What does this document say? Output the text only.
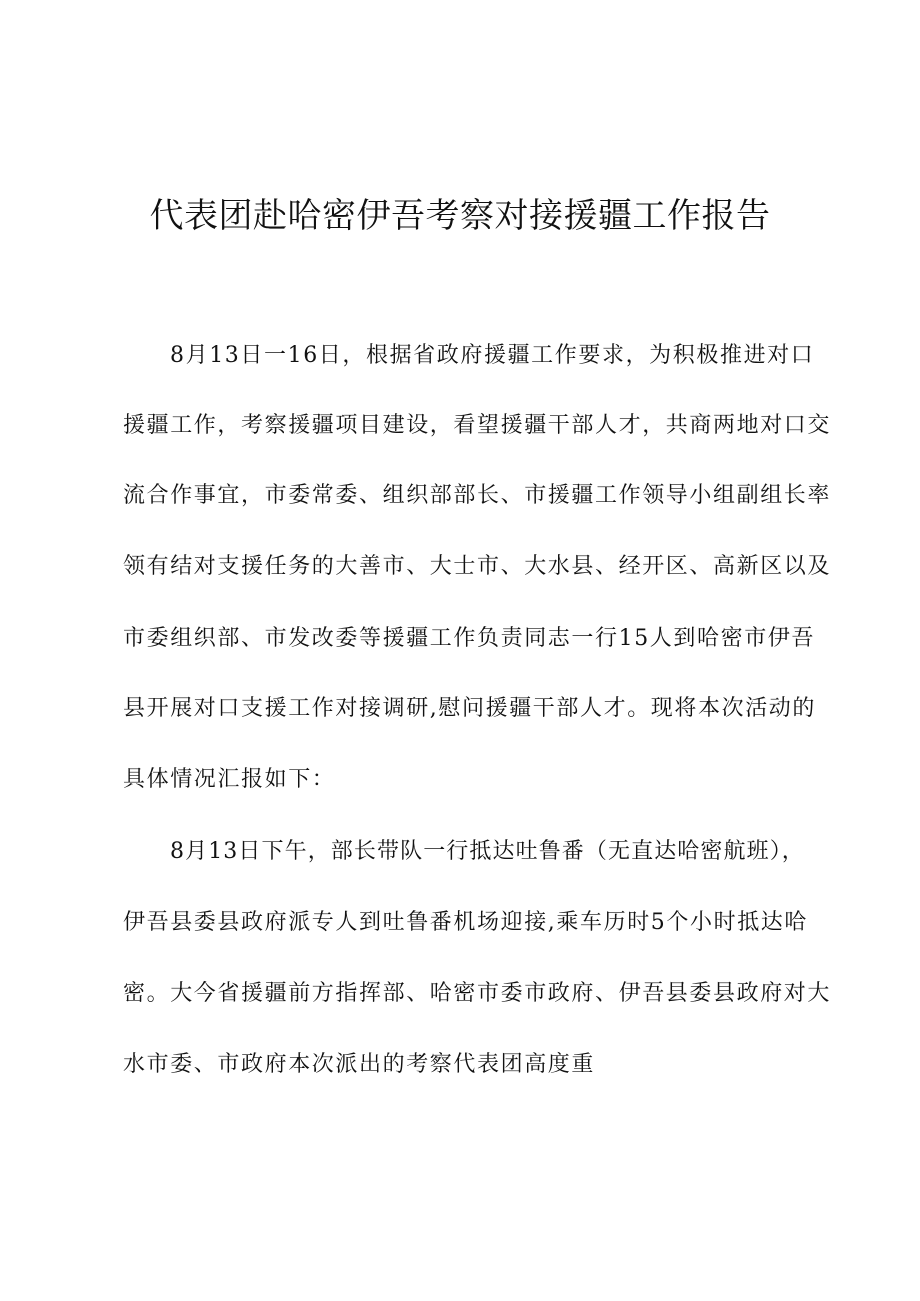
代表团赴哈密伊吾考察对接援疆工作报告

8月13日一16日，根据省政府援疆工作要求，为积极推进对口

援疆工作，考察援疆项目建设，看望援疆干部人才，共商两地对口交

流合作事宜，市委常委、组织部部长、市援疆工作领导小组副组长率

领有结对支援任务的大善市、大士市、大水县、经开区、高新区以及

市委组织部、市发改委等援疆工作负责同志一行15人到哈密市伊吾

县开展对口支援工作对接调研,慰问援疆干部人才。现将本次活动的

具体情况汇报如下：

8月13日下午，部长带队一行抵达吐鲁番（无直达哈密航班），

伊吾县委县政府派专人到吐鲁番机场迎接,乘车历时5个小时抵达哈

密。大今省援疆前方指挥部、哈密市委市政府、伊吾县委县政府对大

水市委、市政府本次派出的考察代表团高度重
